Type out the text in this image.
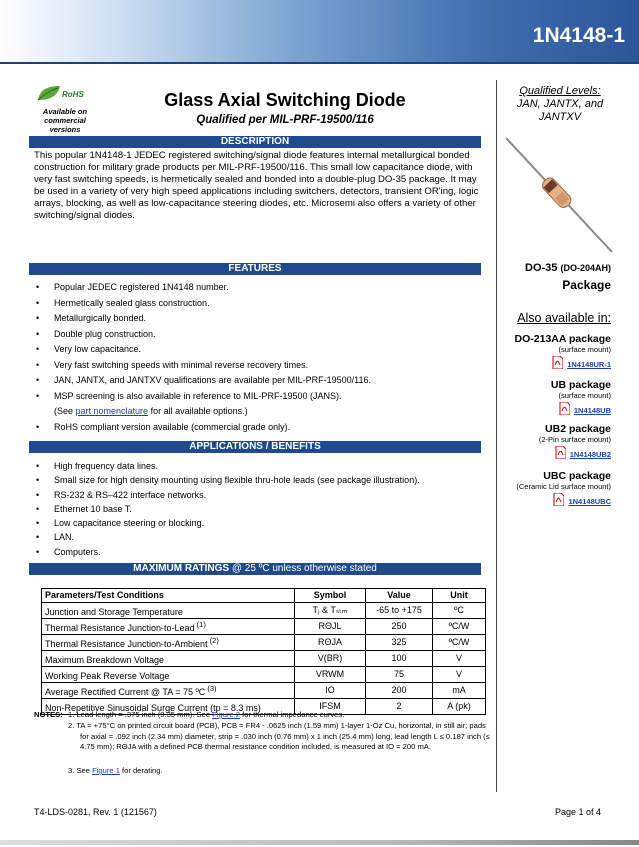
1N4148-1
RoHS
Available on commercial versions
Glass Axial Switching Diode
Qualified per MIL-PRF-19500/116
DESCRIPTION
This popular 1N4148-1 JEDEC registered switching/signal diode features internal metallurgical bonded construction for military grade products per MIL-PRF-19500/116. This small low capacitance diode, with very fast switching speeds, is hermetically sealed and bonded into a double-plug DO-35 package. It may be used in a variety of very high speed applications including switchers, detectors, transient OR'ing, logic arrays, blocking, as well as low-capacitance steering diodes, etc. Microsemi also offers a variety of other switching/signal diodes.
FEATURES
• Popular JEDEC registered 1N4148 number.
• Hermetically sealed glass construction.
• Metallurgically bonded.
• Double plug construction.
• Very low capacitance.
• Very fast switching speeds with minimal reverse recovery times.
• JAN, JANTX, and JANTXV qualifications are available per MIL-PRF-19500/116.
• MSP screening is also available in reference to MIL-PRF-19500 (JANS).
(See part nomenclature for all available options.)
• RoHS compliant version available (commercial grade only).
APPLICATIONS / BENEFITS
• High frequency data lines.
• Small size for high density mounting using flexible thru-hole leads (see package illustration).
• RS-232 & RS–422 interface networks.
• Ethernet 10 base T.
• Low capacitance steering or blocking.
• LAN.
• Computers.
MAXIMUM RATINGS @ 25 ºC unless otherwise stated
Parameters/Test Conditions	Symbol	Value	Unit
Junction and Storage Temperature	Tⱼ & Tₛₜₘ	-65 to +175	ºC
Thermal Resistance Junction-to-Lead $^{(1)}$	RΘJL	250	ºC/W
Thermal Resistance Junction-to-Ambient $^{(2)}$	RΘJA	325	ºC/W
Maximum Breakdown Voltage	V(BR)	100	V
Working Peak Reverse Voltage	VRWM	75	V
Average Rectified Current @ TA = 75 ºC $^{(3)}$	IO	200	mA
Non-Repetitive Sinusoidal Surge Current (tp = 8.3 ms)	IFSM	2	A (pk)
NOTES: 1. Lead length = .375 inch (9.35 mm). See Figure 2 for thermal impedance curves.
2. TA = +75°C on printed circuit board (PCB), PCB = FR4 - .0625 inch (1.59 mm) 1-layer 1-Oz Cu, horizontal, in still air; pads for axial = .092 inch (2.34 mm) diameter, strip = .030 inch (0.76 mm) x 1 inch (25.4 mm) long, lead length L ≤ 0.187 inch (≤ 4.75 mm); RΘJA with a defined PCB thermal resistance condition included, is measured at IO = 200 mA.
3. See Figure 1 for derating.
Qualified Levels:
JAN, JANTX, and JANTXV
DO-35 (DO-204AH)
Package
Also available in:
DO-213AA package
(surface mount)
1N4148UR-1
UB package
(surface mount)
1N4148UB
UB2 package
(2-Pin surface mount)
1N4148UB2
UBC package
(Ceramic Lid surface mount)
1N4148UBC
T4-LDS-0281, Rev. 1 (121567)	Page 1 of 4
